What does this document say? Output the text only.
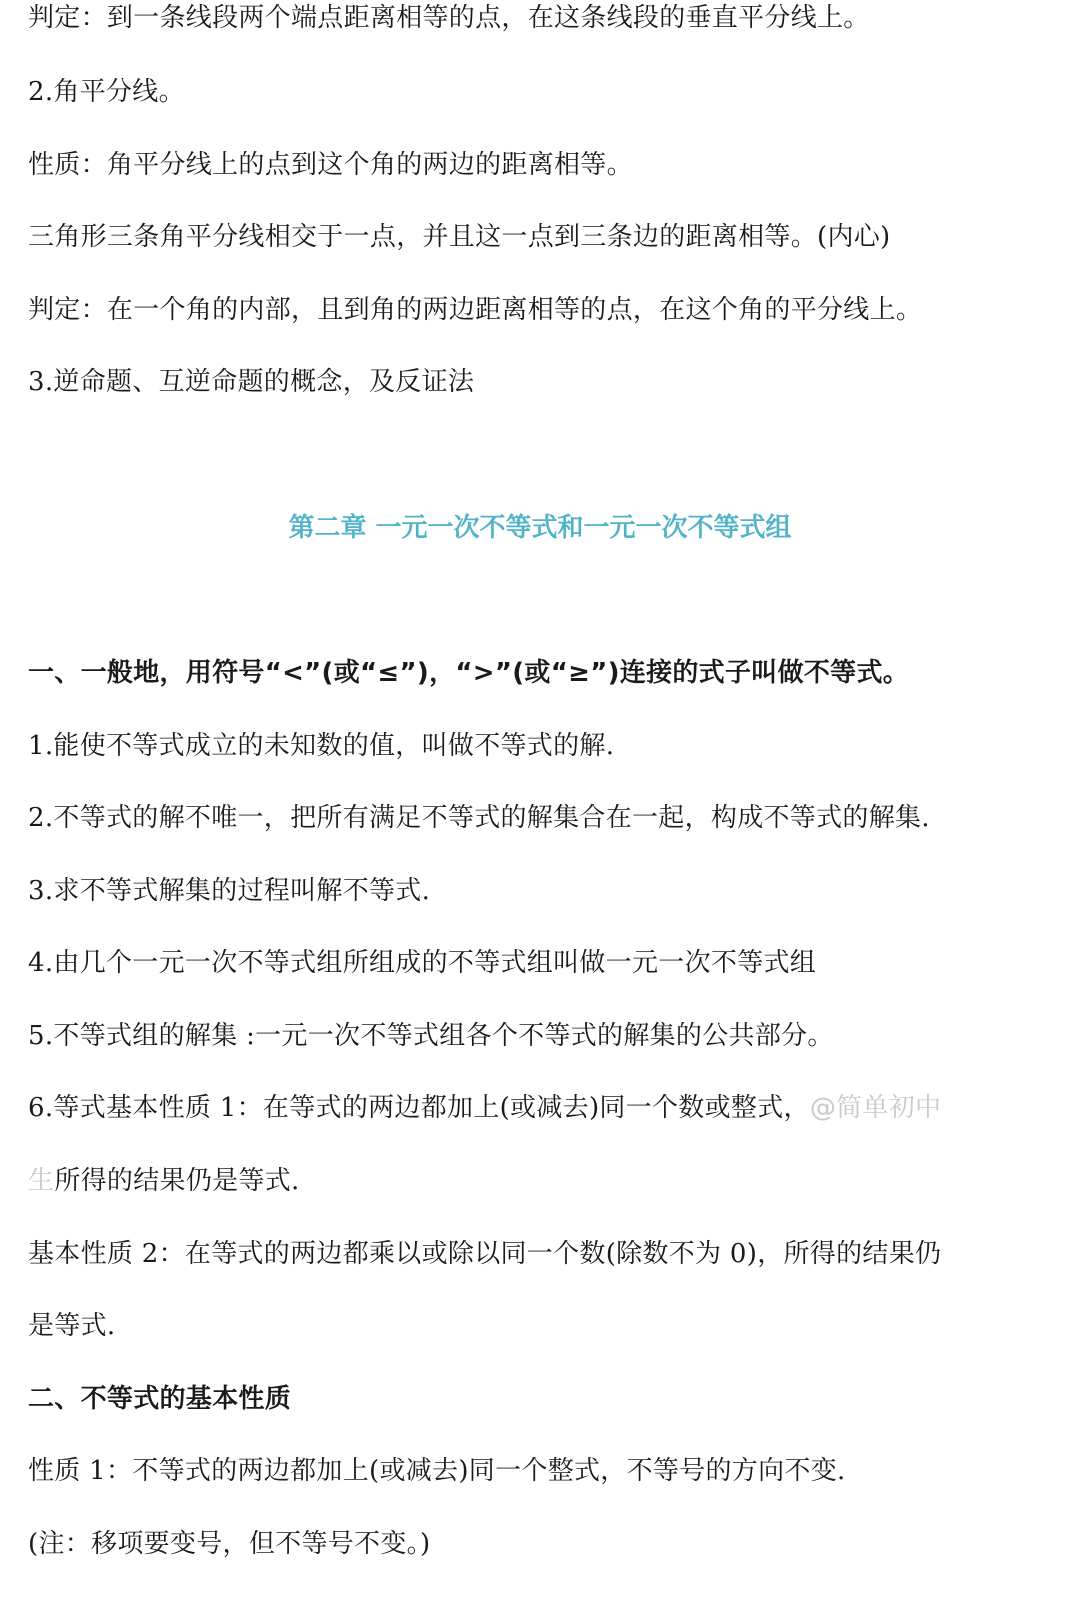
判定：到一条线段两个端点距离相等的点，在这条线段的垂直平分线上。
2.角平分线。
性质：角平分线上的点到这个角的两边的距离相等。
三角形三条角平分线相交于一点，并且这一点到三条边的距离相等。(内心)
判定：在一个角的内部，且到角的两边距离相等的点，在这个角的平分线上。
3.逆命题、互逆命题的概念，及反证法
第二章 一元一次不等式和一元一次不等式组
一、一般地，用符号“<”(或“≤”)，“>”(或“≥”)连接的式子叫做不等式。
1.能使不等式成立的未知数的值，叫做不等式的解.
2.不等式的解不唯一，把所有满足不等式的解集合在一起，构成不等式的解集.
3.求不等式解集的过程叫解不等式.
4.由几个一元一次不等式组所组成的不等式组叫做一元一次不等式组
5.不等式组的解集 :一元一次不等式组各个不等式的解集的公共部分。
6.等式基本性质 1：在等式的两边都加上(或减去)同一个数或整式，@简单初中
生所得的结果仍是等式.
基本性质 2：在等式的两边都乘以或除以同一个数(除数不为 0)，所得的结果仍
是等式.
二、不等式的基本性质
性质 1：不等式的两边都加上(或减去)同一个整式，不等号的方向不变.
(注：移项要变号，但不等号不变。)
